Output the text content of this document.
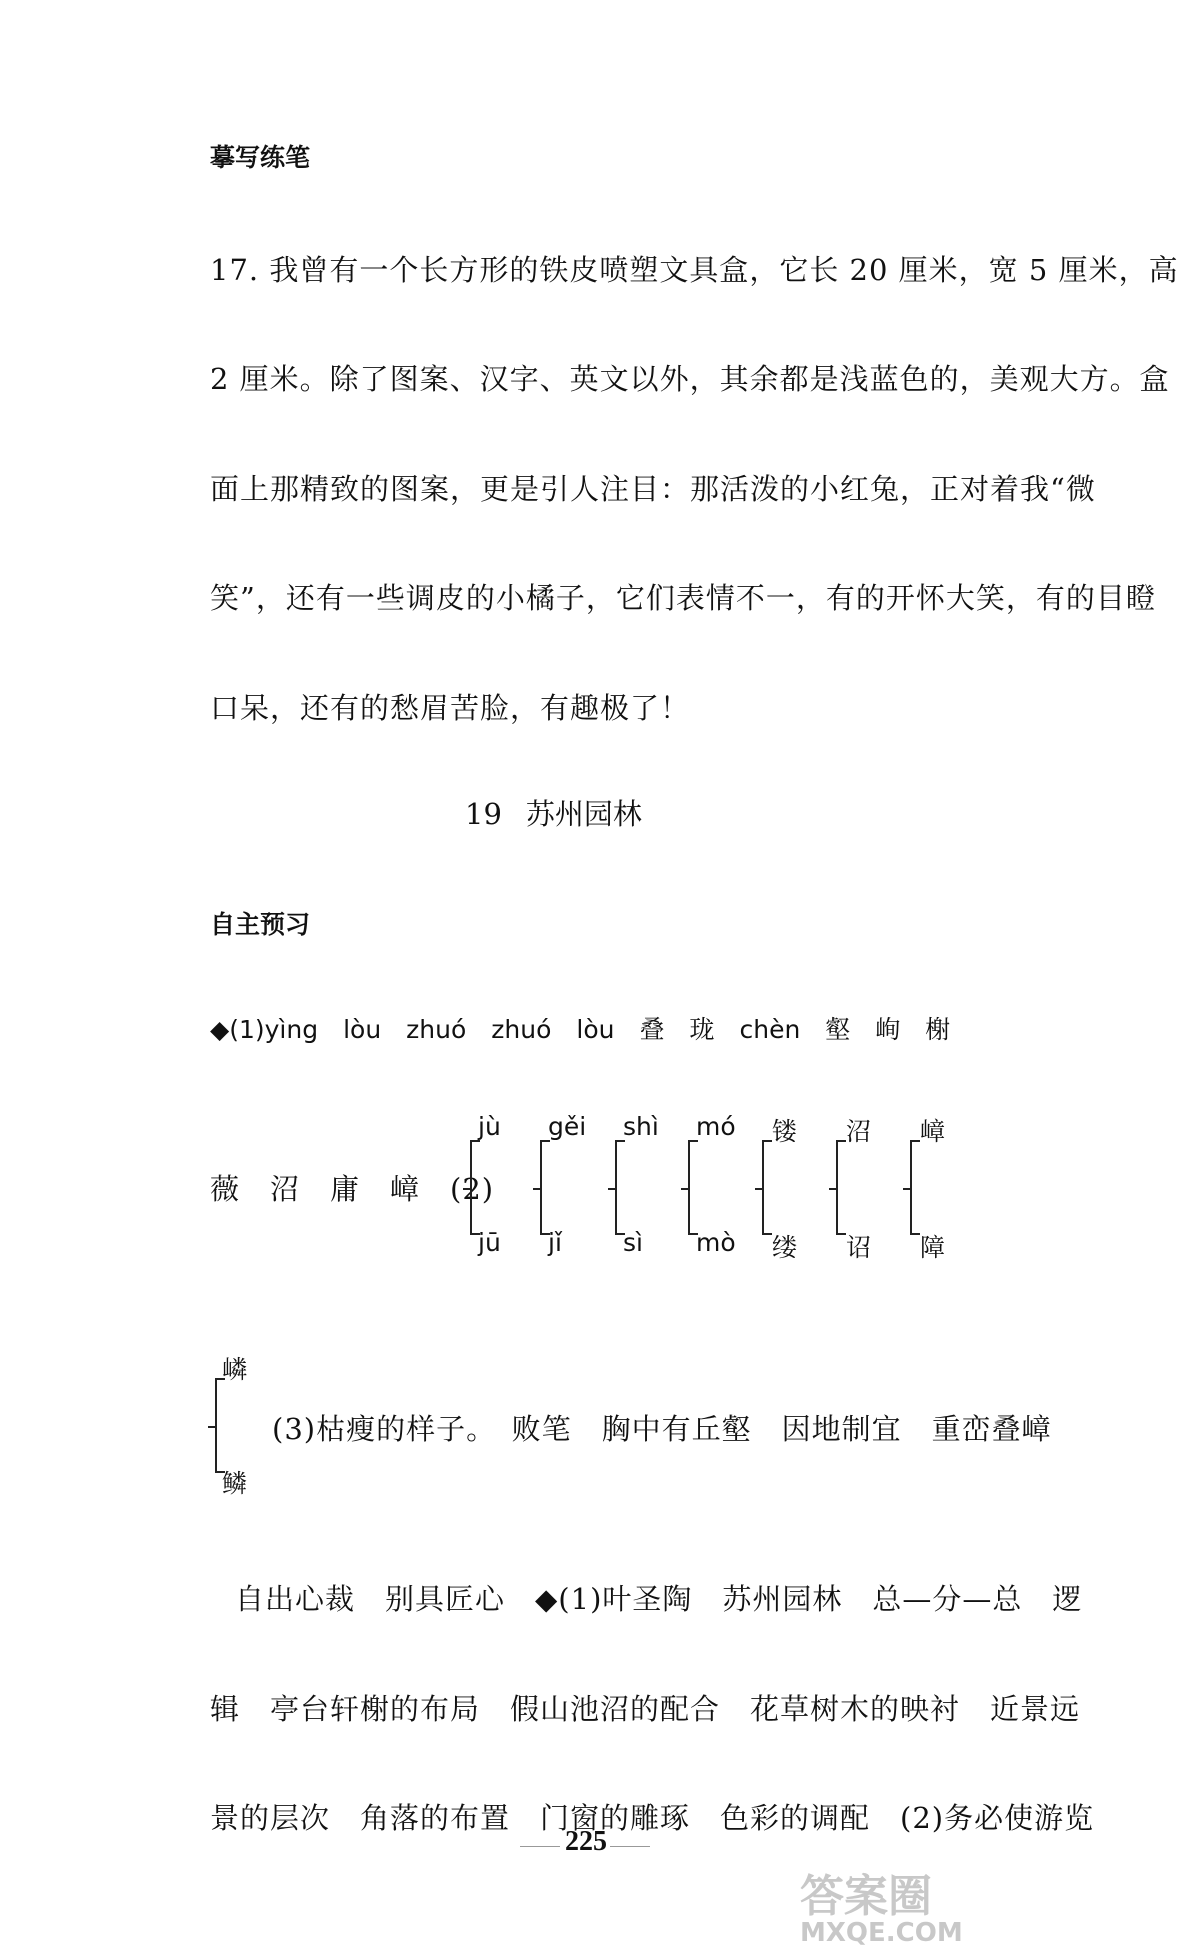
摹写练笔
17. 我曾有一个长方形的铁皮喷塑文具盒，它长 20 厘米，宽 5 厘米，高
2 厘米。除了图案、汉字、英文以外，其余都是浅蓝色的，美观大方。盒
面上那精致的图案，更是引人注目：那活泼的小红兔，正对着我“微
笑”，还有一些调皮的小橘子，它们表情不一，有的开怀大笑，有的目瞪
口呆，还有的愁眉苦脸，有趣极了！
19 苏州园林
自主预习
◆(1)yìng　lòu　zhuó　zhuó　lòu　叠　珑　chèn　壑　峋　榭
薇　沼　庸　嶂　(2)
jù
jū
gěi
jǐ
shì
sì
mó
mò
镂
缕
沼
诏
嶂
障
嶙
鳞
(3)枯瘦的样子。　败笔　胸中有丘壑　因地制宜　重峦叠嶂
自出心裁　别具匠心　◆(1)叶圣陶　苏州园林　总—分—总　逻
辑　亭台轩榭的布局　假山池沼的配合　花草树木的映衬　近景远
景的层次　角落的布置　门窗的雕琢　色彩的调配　(2)务必使游览
225
答案圈
MXQE.COM
